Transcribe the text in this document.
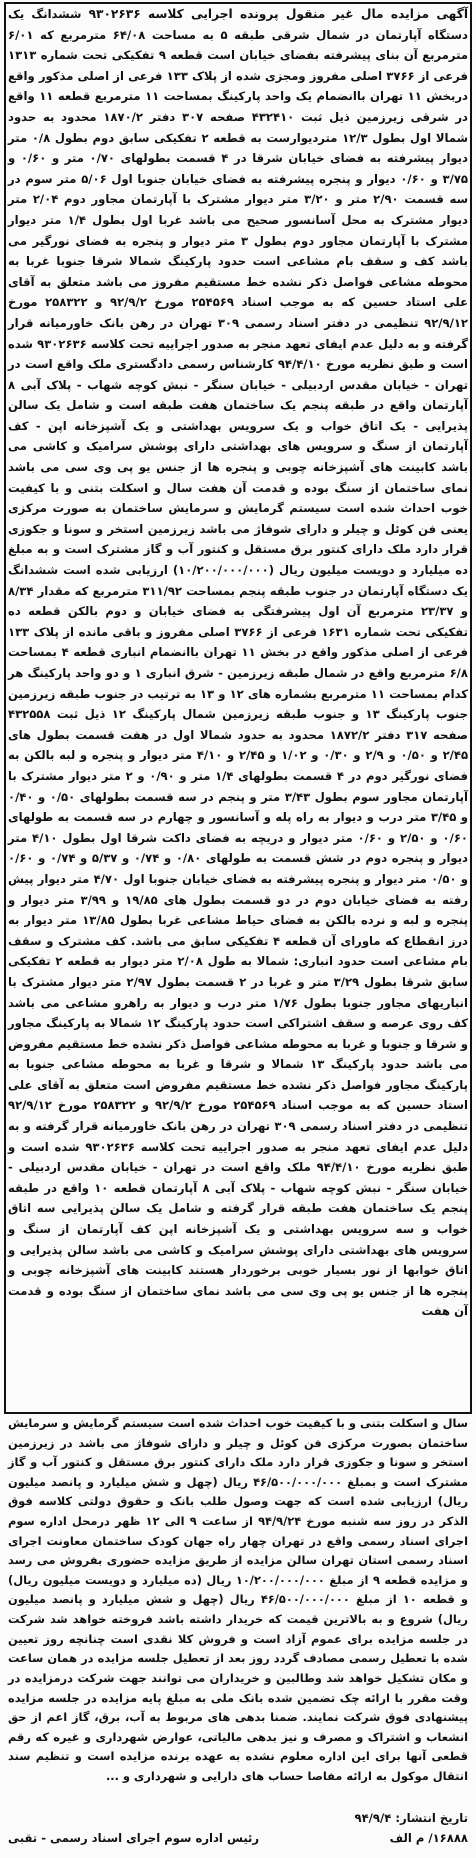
آگهی مزایده مال غیر منقول پرونده اجرایی کلاسه ۹۳۰۲۶۳۶ ششدانگ یک دستگاه آپارتمان در شمال شرقی طبقه ۵ به مساحت ۶۴/۰۸ مترمربع که ۶/۰۱ مترمربع آن بنای پیشرفته بفضای خیابان است قطعه ۹ تفکیکی تحت شماره ۱۳۱۳ فرعی از ۳۷۶۶ اصلی مفروز ومجزی شده از پلاک ۱۳۳ فرعی از اصلی مذکور واقع دربخش ۱۱ تهران باانضمام یک واحد پارکینگ بمساحت ۱۱ مترمربع قطعه ۱۱ واقع در شرقی زیرزمین ذیل ثبت ۴۳۲۴۱۰ صفحه ۳۰۷ دفتر ۱۸۷۰/۲ محدود به حدود شمالا اول بطول ۱۲/۳ متردیوارست به قطعه ۲ تفکیکی سابق دوم بطول ۰/۸ متر دیوار پیشرفته به فضای خیابان شرقا در ۴ قسمت بطولهای ۰/۷۰ متر و ۰/۶۰ و ۳/۷۵ و ۰/۶۰ دیوار و پنجره پیشرفته به فضای خیابان جنوبا اول ۵/۰۶ متر سوم در سه قسمت ۲/۹۰ متر و ۳/۲۰ متر دیوار مشترک با آپارتمان مجاور دوم ۲/۰۴ متر دیوار مشترک به محل آسانسور صحیح می باشد غربا اول بطول ۱/۴ متر دیوار مشترک با آپارتمان مجاور دوم بطول ۳ متر دیوار و پنجره به فضای نورگیر می باشد کف و سقف بام مشاعی است حدود پارکینگ شمالا شرقا جنوبا غربا به محوطه مشاعی فواصل ذکر نشده خط مستقیم مفروز می باشد متعلق به آقای علی استاد حسین که به موجب اسناد ۲۵۴۵۶۹ مورخ ۹۲/۹/۲ و ۲۵۸۳۲۲ مورخ ۹۲/۹/۱۲ تنظیمی در دفتر اسناد رسمی ۳۰۹ تهران در رهن بانک خاورمیانه قرار گرفته و به دلیل عدم ایفای تعهد منجر به صدور اجراییه تحت کلاسه ۹۳۰۲۶۳۶ شده است و طبق نظریه مورخ ۹۴/۴/۱۰ کارشناس رسمی دادگستری ملک واقع است در تهران - خیابان مقدس اردبیلی - خیابان سنگر - نبش کوچه شهاب - پلاک آبی ۸ آپارتمان واقع در طبقه پنجم یک ساختمان هفت طبقه است و شامل یک سالن پذیرایی - یک اتاق خواب و یک سرویس بهداشتی و یک آشپزخانه اپن - کف آپارتمان از سنگ و سرویس های بهداشتی دارای پوشش سرامیک و کاشی می باشد کابینت های آشپزخانه چوبی و پنجره ها از جنس یو پی وی سی می باشد نمای ساختمان از سنگ بوده و قدمت آن هفت سال و اسکلت بتنی و با کیفیت خوب احداث شده است سیستم گرمایش و سرمایش ساختمان به صورت مرکزی یعنی فن کوئل و چیلر و دارای شوفاژ می باشد زیرزمین استخر و سونا و جکوزی قرار دارد ملک دارای کنتور برق مستقل و کنتور آب و گاز مشترک است و به مبلغ ده میلیارد و دویست میلیون ریال (۱۰/۲۰۰/۰۰۰/۰۰۰) ارزیابی شده است ششدانگ یک دستگاه آپارتمان در جنوب طبقه پنجم بمساحت ۳۱۱/۹۲ مترمربع که مقدار ۸/۳۴ و ۲۳/۳۷ مترمربع آن اول پیشرفتگی به فضای خیابان و دوم بالکن قطعه ده تفکیکی تحت شماره ۱۶۳۱ فرعی از ۳۷۶۶ اصلی مفروز و باقی مانده از پلاک ۱۳۳ فرعی از اصلی مذکور واقع در بخش ۱۱ تهران باانضمام انباری قطعه ۴ بمساحت ۶/۸ مترمربع واقع در شمال طبقه زیرزمین - شرق انباری ۱ و دو واحد پارکینگ هر کدام بمساحت ۱۱ مترمربع بشماره های ۱۲ و ۱۳ به ترتیب در جنوب طبقه زیرزمین جنوب پارکینگ ۱۳ و جنوب طبقه زیرزمین شمال پارکینگ ۱۲ ذیل ثبت ۴۳۲۵۵۸ صفحه ۳۱۷ دفتر ۱۸۷۲/۲ محدود به حدود شمالا اول در هفت قسمت بطول های ۲/۴۵ و ۰/۵۰ و ۲/۹ و ۰/۳۰ و ۱/۰۲ و ۲/۴۵ و ۴/۱۰ متر دیوار و پنجره و لبه بالکن به فضای نورگیر دوم در ۴ قسمت بطولهای ۱/۴ متر و ۰/۹۰ و ۲ متر دیوار مشترک با آپارتمان مجاور سوم بطول ۳/۴۳ متر و پنجم در سه قسمت بطولهای ۰/۵۰ و ۰/۴۰ و ۳/۴۵ متر درب و دیوار به راه پله و آسانسور و چهارم در سه قسمت به طولهای ۰/۶۰ و ۲/۵۰ و ۰/۶۰ متر دیوار و دریچه به فضای داکت شرقا اول بطول ۴/۱۰ متر دیوار و پنجره دوم در شش قسمت به طولهای ۰/۸۰ و ۰/۷۴ و ۵/۳۷ و ۰/۷۴ و ۰/۶۰ و ۰/۵۰ متر دیوار و پنجره پیشرفته به فضای خیابان جنوبا اول ۴/۷۰ متر دیوار پیش رفته به فضای خیابان دوم در دو قسمت بطول های ۱۹/۸۵ و ۳/۹۹ متر دیوار و پنجره و لبه و نرده بالکن به فضای حیاط مشاعی غربا بطول ۱۳/۸۵ متر دیوار به درز انقطاع که ماورای آن قطعه ۴ تفکیکی سابق می باشد. کف مشترک و سقف بام مشاعی است حدود انباری: شمالا به طول ۲/۰۸ متر دیوار به قطعه ۲ تفکیکی سابق شرقا بطول ۳/۲۹ متر و غربا در ۲ قسمت بطول ۲/۹۷ متر دیوار مشترک با انباریهای مجاور جنوبا بطول ۱/۷۶ متر درب و دیوار به راهرو مشاعی می باشد کف روی عرصه و سقف اشتراکی است حدود پارکینگ ۱۲ شمالا به پارکینگ مجاور و شرقا و جنوبا و غربا به محوطه مشاعی فواصل ذکر نشده خط مستقیم مفروض می باشد حدود پارکینگ ۱۳ شمالا و شرقا و غربا به محوطه مشاعی جنوبا به پارکینگ مجاور فواصل ذکر نشده خط مستقیم مفروض است متعلق به آقای علی استاد حسین که به موجب اسناد ۲۵۴۵۶۹ مورخ ۹۲/۹/۲ و ۲۵۸۳۲۲ مورخ ۹۲/۹/۱۲ تنظیمی در دفتر اسناد رسمی ۳۰۹ تهران در رهن بانک خاورمیانه قرار گرفته و به دلیل عدم ایفای تعهد منجر به صدور اجراییه تحت کلاسه ۹۳۰۲۶۳۶ شده است و طبق نظریه مورخ ۹۴/۴/۱۰ ملک واقع است در تهران - خیابان مقدس اردبیلی - خیابان سنگر - نبش کوچه شهاب - پلاک آبی ۸ آپارتمان قطعه ۱۰ واقع در طبقه پنجم یک ساختمان هفت طبقه قرار گرفته و شامل یک سالن پذیرایی سه اتاق خواب و سه سرویس بهداشتی و یک آشپزخانه اپن کف آپارتمان از سنگ و سرویس های بهداشتی دارای پوشش سرامیک و کاشی می باشد سالن پذیرایی و اتاق خوابها از نور بسیار خوبی برخوردار هستند کابینت های آشپزخانه چوبی و پنجره ها از جنس یو پی وی سی می باشد نمای ساختمان از سنگ بوده و قدمت آن هفت

سال و اسکلت بتنی و با کیفیت خوب احداث شده است سیستم گرمایش و سرمایش ساختمان بصورت مرکزی فن کوئل و چیلر و دارای شوفاژ می باشد در زیرزمین استخر و سونا و جکوزی قرار دارد ملک دارای کنتور برق مستقل و کنتور آب و گاز مشترک است و بمبلغ ۴۶/۵۰۰/۰۰۰/۰۰۰ ریال (چهل و شش میلیارد و پانصد میلیون ریال) ارزیابی شده است که جهت وصول طلب بانک و حقوق دولتی کلاسه فوق الذکر در روز سه شنبه مورخ ۹۴/۹/۲۴ از ساعت ۹ الی ۱۲ ظهر درمحل اداره سوم اجرای اسناد رسمی واقع در تهران چهار راه جهان کودک ساختمان معاونت اجرای اسناد رسمی استان تهران سالن مزایده از طریق مزایده حضوری بفروش می رسد و مزایده قطعه ۹ از مبلغ ۱۰/۲۰۰/۰۰۰/۰۰۰ ریال (ده میلیارد و دویست میلیون ریال) و قطعه ۱۰ از مبلغ ۴۶/۵۰۰/۰۰۰/۰۰۰ ریال (چهل و شش میلیارد و پانصد میلیون ریال) شروع و به بالاترین قیمت که خریدار داشته باشد فروخته خواهد شد شرکت در جلسه مزایده برای عموم آزاد است و فروش کلا نقدی است چنانچه روز تعیین شده با تعطیل رسمی مصادف گردد روز بعد از تعطیل جلسه مزایده در همان ساعت و مکان تشکیل خواهد شد وطالبین و خریداران می توانند جهت شرکت درمزایده در وقت مقرر با ارائه چک تضمین شده بانک ملی به مبلغ پایه مزایده در جلسه مزایده پیشنهادی فوق شرکت نمایند. ضمنا بدهی های مربوط به آب، برق، گاز اعم از حق انشعاب و اشتراک و مصرف و نیز بدهی مالیاتی، عوارض شهرداری و غیره که رقم قطعی آنها برای این اداره معلوم نشده به عهده برنده مزایده است و تنظیم سند انتقال موکول به ارائه مفاصا حساب های دارایی و شهرداری و ...

تاریخ انتشار: ۹۴/۹/۴
۱۶۸۸۸/ م الف
رئیس اداره سوم اجرای اسناد رسمی - تقبی
